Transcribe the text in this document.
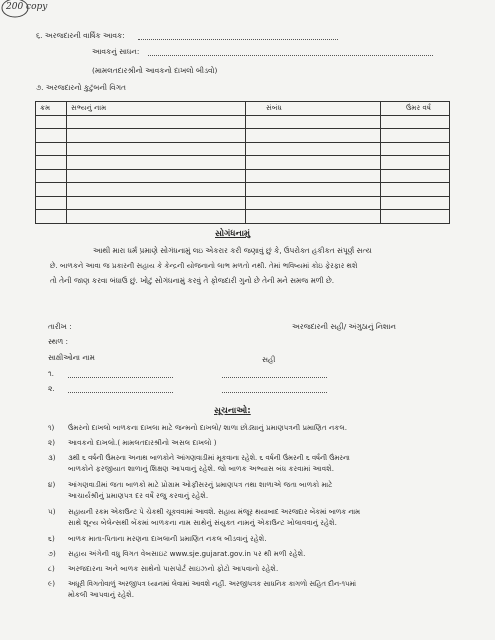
200 copy
૬. અરજદારની વાર્ષિક આવક:
આવકનું સાધન:
(મામલતદારશ્રીનો આવકનો દાખલો બીડવો)
૭. અરજદારનો કુટુંબની વિગત
ક્રમ	સભ્યનું નામ	સંબંધ	ઉંમર વર્ષ

સોગંધનામું
આથી મારા ધર્મ પ્રમાણે સોગંધનામું લઇ એકરાર કરી જણાવું છું કે, ઉપરોક્ત હકીકત સંપૂર્ણ સત્ય
છે. બાળકને આવા જ પ્રકારની સહાય કે કેન્દ્રની યોજનાનો લાભ મળતો નથી. તેમાં ભવિષ્યમાં કોઇ ફેરફાર થશે
તો તેની જાણ કરવા બંધાઉ છું. ખોટું સોગંધનામું કરવું તે ફોજદારી ગુનો છે તેની મને સમજ મળી છે.
તારીખ :	અરજદારની સહી/ અંગુઠાનું નિશાન
સ્થળ :
સાક્ષીઓના નામ	સહી
૧.
૨.
સૂચનાઓ:
૧) ઉંમરનો દાખલો બાળકના દાખલા માટે જન્મનો દાખલો/ શાળા છોડ્યાનું પ્રમાણપત્રની પ્રમાણિત નકલ.
૨) આવકનો દાખલો.( મામલતદારશ્રીનો અસલ દાખલો )
૩) ૩થી ૬ વર્ષની ઉંમરના અનાથ બાળકોને આંગણવાડીમાં મૂકવાના રહેશે. ૬ વર્ષની ઉંમરની ૬ વર્ષની ઉંમરના
બાળકોને ફરજીયાત શાળાનું શિક્ષણ આપવાનું રહેશે. જો બાળક અભ્યાસ બંધ કરવામાં આવશે.
૪) આંગણવાડીમાં જતા બાળકો માટે પ્રોગ્રામ ઓફીસરનું પ્રમાણપત્ર તથા શાળાએ જતા બાળકો માટે
આચાર્યશ્રીનું પ્રમાણપત્ર દર વર્ષે રજુ કરવાનું રહેશે.
૫) સહાયની રકમ એકાઉન્ટ પે ચેકથી ચૂકવવામાં આવશે. સહાય મંજૂર થયાબાદ અરજદાર બેંકમાં બાળક નામ
સાથે શૂન્ય બેલેન્સથી બેંકમાં બાળકના નામ સાથેનું સંયુક્ત નામનું એકાઉન્ટ ખોલાવવાનું રહેશે.
૬) બાળક માતા-પિતાના મરણના દાખલાની પ્રમાણિત નકલ બીડવાનું રહેશે.
૭) સહાય અંગેની વધુ વિગત વેબસાઇટ www.sje.gujarat.gov.in પર થી મળી રહેશે.
૮) અરજદારના અને બાળક સાથેનો પાસપોર્ટ સાઇઝનો ફોટો આપવાનો રહેશે.
૯) અધૂરી વિગતોવાળું અરજીપત્ર ધ્યાનમાં લેવામાં આવશે નહીં. અરજીપત્રક સાધનિક કાગળો સહિત દીન-૧૫માં
મોકલી આપવાનું રહેશે.
